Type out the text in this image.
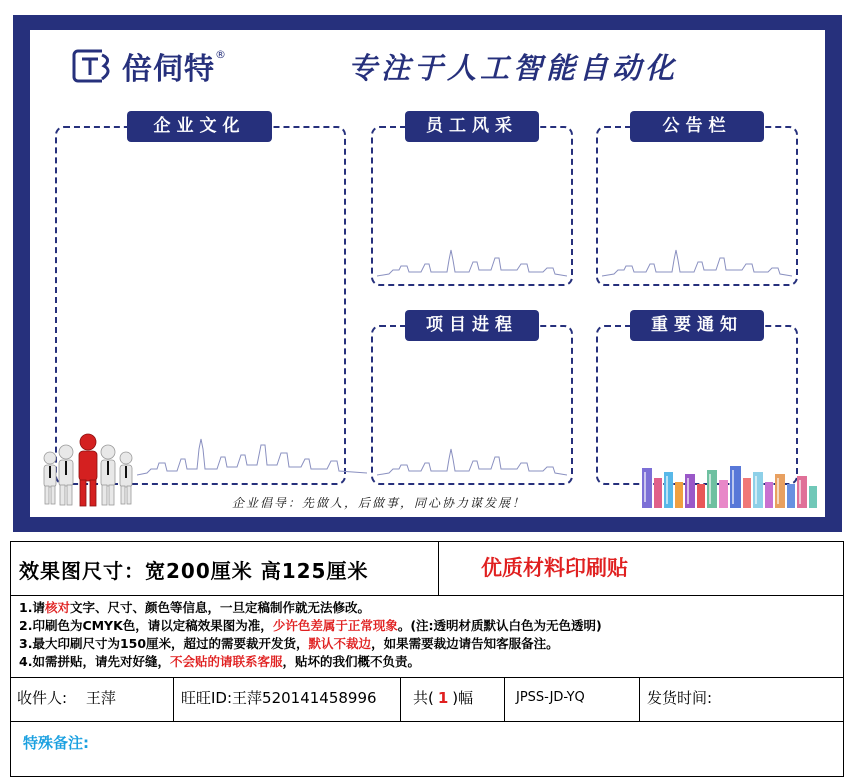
倍伺特 ®	专注于人工智能自动化
企业文化	员工风采	公告栏
项目进程	重要通知
企业倡导：先做人，后做事，同心协力谋发展！
效果图尺寸：宽200厘米 高125厘米	优质材料印刷贴
1.请核对文字、尺寸、颜色等信息，一旦定稿制作就无法修改。
2.印刷色为CMYK色，请以定稿效果图为准，少许色差属于正常现象。(注:透明材质默认白色为无色透明)
3.最大印刷尺寸为150厘米，超过的需要裁开发货，默认不裁边，如果需要裁边请告知客服备注。
4.如需拼贴，请先对好缝，不会贴的请联系客服，贴坏的我们概不负责。
收件人: 王萍	旺旺ID:王萍520141458996 共( 1 )幅	JPSS-JD-YQ	发货时间:
特殊备注:
